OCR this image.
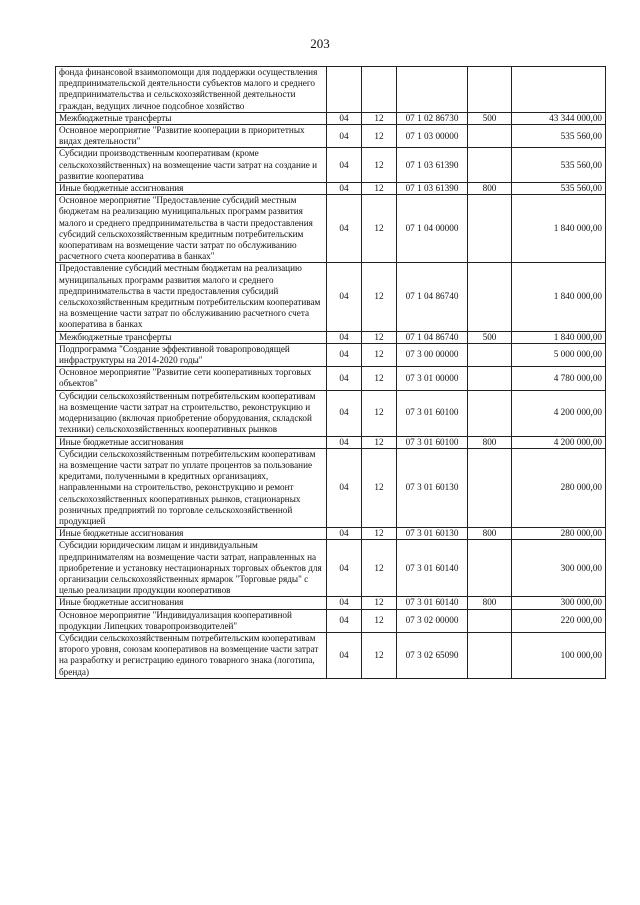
203
фонда финансовой взаимопомощи для поддержки осуществления предпринимательской деятельности субъектов малого и среднего предпринимательства и сельскохозяйственной деятельности граждан, ведущих личное подсобное хозяйство					
Межбюджетные трансферты	04	12	07 1 02 86730	500	43 344 000,00
Основное мероприятие "Развитие кооперации в приоритетных видах деятельности"	04	12	07 1 03 00000		535 560,00
Субсидии производственным кооперативам (кроме сельскохозяйственных) на возмещение части затрат на создание и развитие кооператива	04	12	07 1 03 61390		535 560,00
Иные бюджетные ассигнования	04	12	07 1 03 61390	800	535 560,00
Основное мероприятие "Предоставление субсидий местным бюджетам на реализацию муниципальных программ развития малого и среднего предпринимательства в части предоставления субсидий сельскохозяйственным кредитным потребительским кооперативам на возмещение части затрат по обслуживанию расчетного счета кооператива в банках"	04	12	07 1 04 00000		1 840 000,00
Предоставление субсидий местным бюджетам на реализацию муниципальных программ развития малого и среднего предпринимательства в части предоставления субсидий сельскохозяйственным кредитным потребительским кооперативам на возмещение части затрат по обслуживанию расчетного счета кооператива в банках	04	12	07 1 04 86740		1 840 000,00
Межбюджетные трансферты	04	12	07 1 04 86740	500	1 840 000,00
Подпрограмма "Создание эффективной товаропроводящей инфраструктуры на 2014-2020 годы"	04	12	07 3 00 00000		5 000 000,00
Основное мероприятие "Развитие сети кооперативных торговых объектов"	04	12	07 3 01 00000		4 780 000,00
Субсидии сельскохозяйственным потребительским кооперативам на возмещение части затрат на строительство, реконструкцию и модернизацию (включая приобретение оборудования, складской техники) сельскохозяйственных кооперативных рынков	04	12	07 3 01 60100		4 200 000,00
Иные бюджетные ассигнования	04	12	07 3 01 60100	800	4 200 000,00
Субсидии сельскохозяйственным потребительским кооперативам на возмещение части затрат по уплате процентов за пользование кредитами, полученными в кредитных организациях, направленными на строительство, реконструкцию и ремонт сельскохозяйственных кооперативных рынков, стационарных розничных предприятий по торговле сельскохозяйственной продукцией	04	12	07 3 01 60130		280 000,00
Иные бюджетные ассигнования	04	12	07 3 01 60130	800	280 000,00
Субсидии юридическим лицам и индивидуальным предпринимателям на возмещение части затрат, направленных на приобретение и установку нестационарных торговых объектов для организации сельскохозяйственных ярмарок "Торговые ряды" с целью реализации продукции кооперативов	04	12	07 3 01 60140		300 000,00
Иные бюджетные ассигнования	04	12	07 3 01 60140	800	300 000,00
Основное мероприятие "Индивидуализация кооперативной продукции Липецких товаропроизводителей"	04	12	07 3 02 00000		220 000,00
Субсидии сельскохозяйственным потребительским кооперативам второго уровня, союзам кооперативов на возмещение части затрат на разработку и регистрацию единого товарного знака (логотипа, бренда)	04	12	07 3 02 65090		100 000,00
